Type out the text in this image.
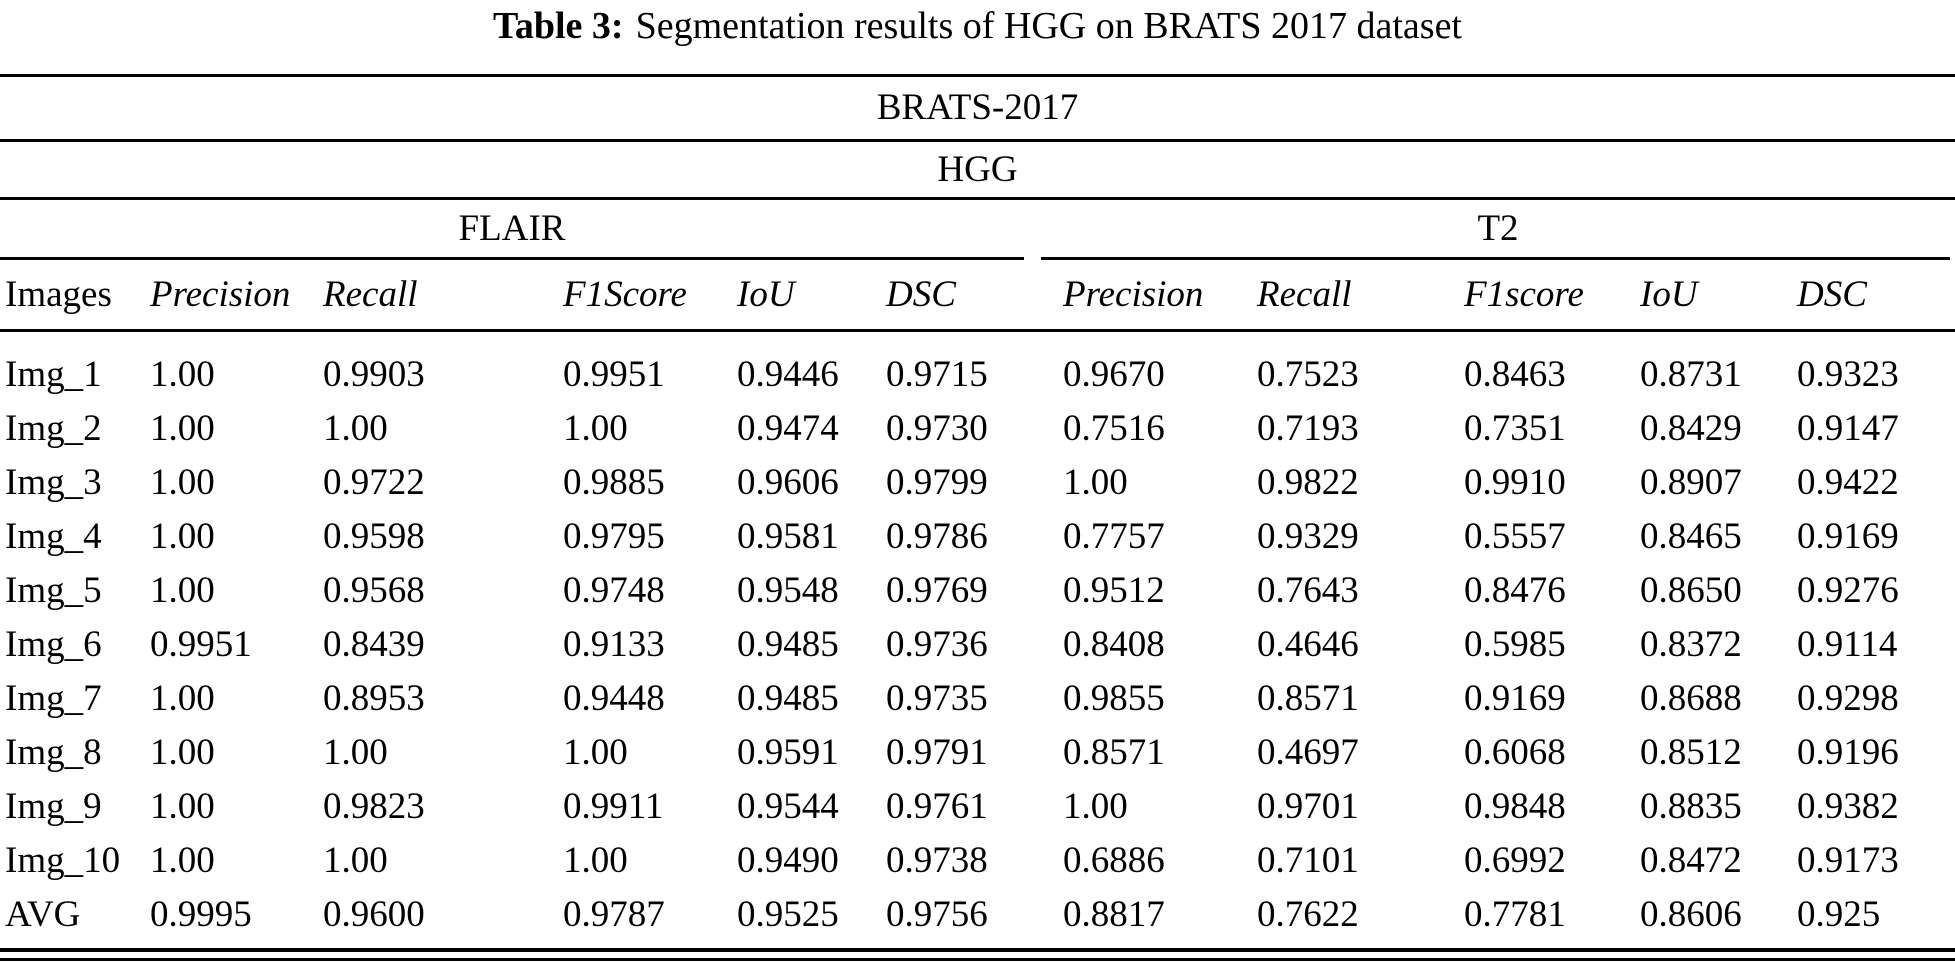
Table 3: Segmentation results of HGG on BRATS 2017 dataset
BRATS-2017
HGG
FLAIR	T2
Images Precision Recall	F1Score IoU DSC	Precision Recall	F1score IoU	DSC
Img_1 1.00	0.9903	0.9951 0.9446 0.9715 0.9670 0.7523	0.8463 0.8731 0.9323
Img_2 1.00	1.00	1.00	0.9474 0.9730 0.7516 0.7193	0.7351 0.8429 0.9147
Img_3 1.00	0.9722	0.9885 0.9606 0.9799 1.00	0.9822	0.9910 0.8907 0.9422
Img_4 1.00	0.9598	0.9795 0.9581 0.9786 0.7757 0.9329	0.5557 0.8465 0.9169
Img_5 1.00	0.9568	0.9748 0.9548 0.9769 0.9512 0.7643	0.8476 0.8650 0.9276
Img_6 0.9951 0.8439	0.9133 0.9485 0.9736 0.8408 0.4646	0.5985 0.8372 0.9114
Img_7 1.00	0.8953	0.9448 0.9485 0.9735 0.9855 0.8571	0.9169 0.8688 0.9298
Img_8 1.00	1.00	1.00	0.9591 0.9791 0.8571 0.4697	0.6068 0.8512 0.9196
Img_9 1.00	0.9823	0.9911 0.9544 0.9761 1.00	0.9701	0.9848 0.8835 0.9382
Img_10 1.00	1.00	1.00	0.9490 0.9738 0.6886 0.7101	0.6992 0.8472 0.9173
AVG 0.9995 0.9600	0.9787 0.9525 0.9756 0.8817 0.7622	0.7781 0.8606 0.925
